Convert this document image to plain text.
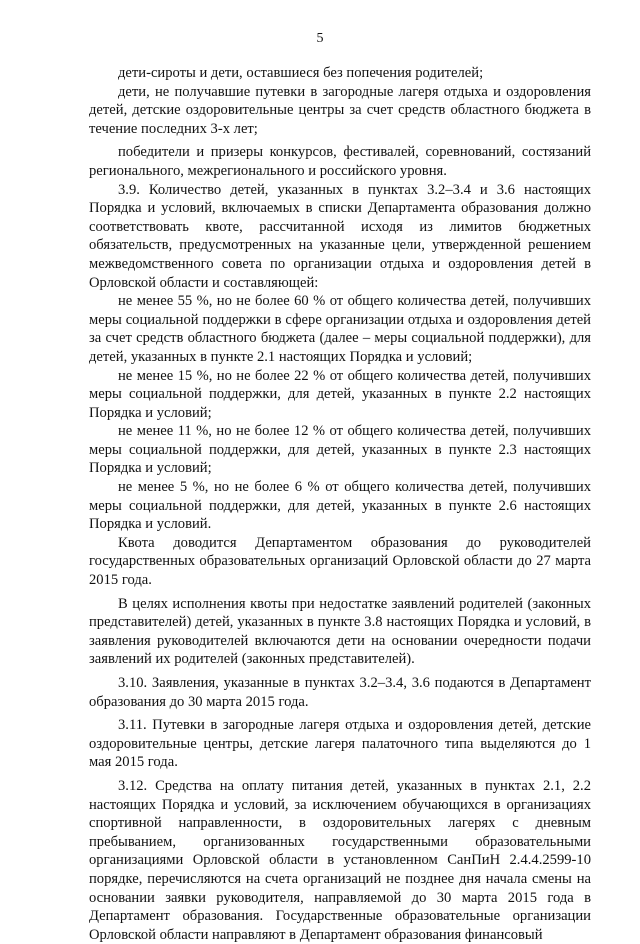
5

дети-сироты и дети, оставшиеся без попечения родителей;

дети, не получавшие путевки в загородные лагеря отдыха и оздоровления детей, детские оздоровительные центры за счет средств областного бюджета в течение последних 3-х лет;

победители и призеры конкурсов, фестивалей, соревнований, состязаний регионального, межрегионального и российского уровня.

3.9. Количество детей, указанных в пунктах 3.2–3.4 и 3.6 настоящих Порядка и условий, включаемых в списки Департамента образования должно соответствовать квоте, рассчитанной исходя из лимитов бюджетных обязательств, предусмотренных на указанные цели, утвержденной решением межведомственного совета по организации отдыха и оздоровления детей в Орловской области и составляющей:

не менее 55 %, но не более 60 % от общего количества детей, получивших меры социальной поддержки в сфере организации отдыха и оздоровления детей за счет средств областного бюджета (далее – меры социальной поддержки), для детей, указанных в пункте 2.1 настоящих Порядка и условий;

не менее 15 %, но не более 22 % от общего количества детей, получивших меры социальной поддержки, для детей, указанных в пункте 2.2 настоящих Порядка и условий;

не менее 11 %, но не более 12 % от общего количества детей, получивших меры социальной поддержки, для детей, указанных в пункте 2.3 настоящих Порядка и условий;

не менее 5 %, но не более 6 % от общего количества детей, получивших меры социальной поддержки, для детей, указанных в пункте 2.6 настоящих Порядка и условий.

Квота доводится Департаментом образования до руководителей государственных образовательных организаций Орловской области до 27 марта 2015 года.

В целях исполнения квоты при недостатке заявлений родителей (законных представителей) детей, указанных в пункте 3.8 настоящих Порядка и условий, в заявления руководителей включаются дети на основании очередности подачи заявлений их родителей (законных представителей).

3.10. Заявления, указанные в пунктах 3.2–3.4, 3.6 подаются в Департамент образования до 30 марта 2015 года.

3.11. Путевки в загородные лагеря отдыха и оздоровления детей, детские оздоровительные центры, детские лагеря палаточного типа выделяются до 1 мая 2015 года.

3.12. Средства на оплату питания детей, указанных в пунктах 2.1, 2.2 настоящих Порядка и условий, за исключением обучающихся в организациях спортивной направленности, в оздоровительных лагерях с дневным пребыванием, организованных государственными образовательными организациями Орловской области в установленном СанПиН 2.4.4.2599-10 порядке, перечисляются на счета организаций не позднее дня начала смены на основании заявки руководителя, направляемой до 30 марта 2015 года в Департамент образования. Государственные образовательные организации Орловской области направляют в Департамент образования финансовый
